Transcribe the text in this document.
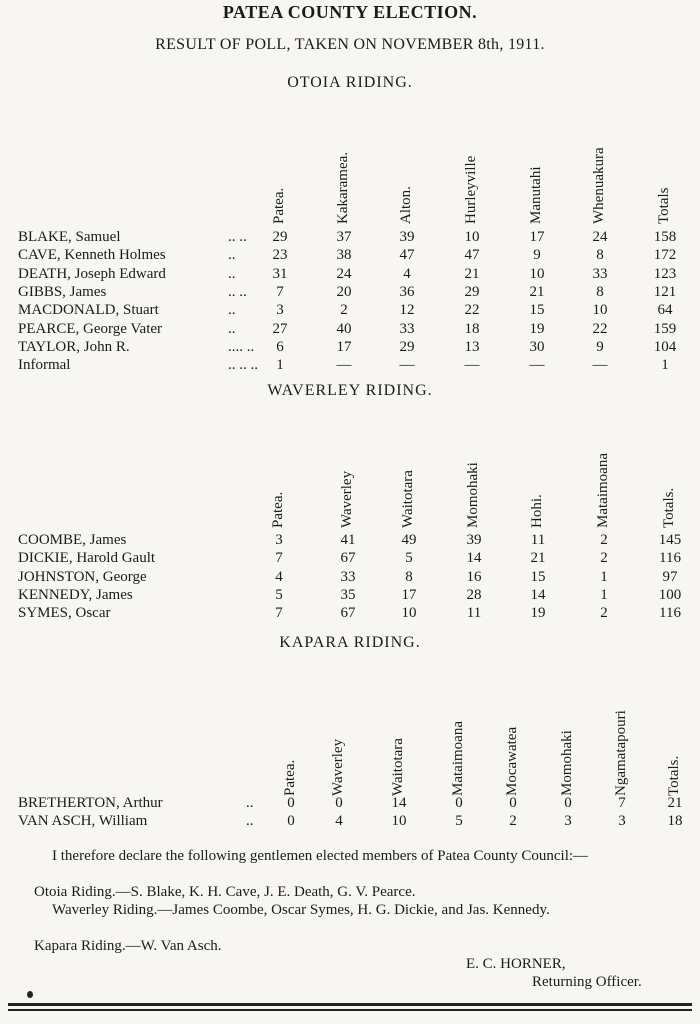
PATEA COUNTY ELECTION.
RESULT OF POLL, TAKEN ON NOVEMBER 8th, 1911.
OTOIA RIDING.
Patea.	Kakaramea.	Alton.	Hurleyville	Manutahi	Whenuakura	Totals
BLAKE, Samuel	.. ..	29	37	39	10	17	24	158
CAVE, Kenneth Holmes	..	23	38	47	47	9	8	172
DEATH, Joseph Edward	..	31	24	4	21	10	33	123
GIBBS, James	.. ..	7	20	36	29	21	8	121
MACDONALD, Stuart	..	3	2	12	22	15	10	64
PEARCE, George Vater	..	27	40	33	18	19	22	159
TAYLOR, John R.	.... ..	6	17	29	13	30	9	104
Informal	.. .. ..	1	—	—	—	—	—	1
WAVERLEY RIDING.
Patea.	Waverley	Waitotara	Momohaki	Hohi.	Mataimoana	Totals.
COOMBE, James	3	41	49	39	11	2	145
DICKIE, Harold Gault	7	67	5	14	21	2	116
JOHNSTON, George	4	33	8	16	15	1	97
KENNEDY, James	5	35	17	28	14	1	100
SYMES, Oscar	7	67	10	11	19	2	116
KAPARA RIDING.
Patea. Waverley	Waitotara	Mataimoana	Mocawatea	Momohaki	Ngamatapouri Totals.
BRETHERTON, Arthur	..	0	0	14	0	0	0	7	21
VAN ASCH, William	..	0	4	10	5	2	3	3	18
I therefore declare the following gentlemen elected members of Patea County Council:—
Otoia Riding.—S. Blake, K. H. Cave, J. E. Death, G. V. Pearce.
Waverley Riding.—James Coombe, Oscar Symes, H. G. Dickie, and Jas. Kennedy.
Kapara Riding.—W. Van Asch.
E. C. HORNER,
Returning Officer.
